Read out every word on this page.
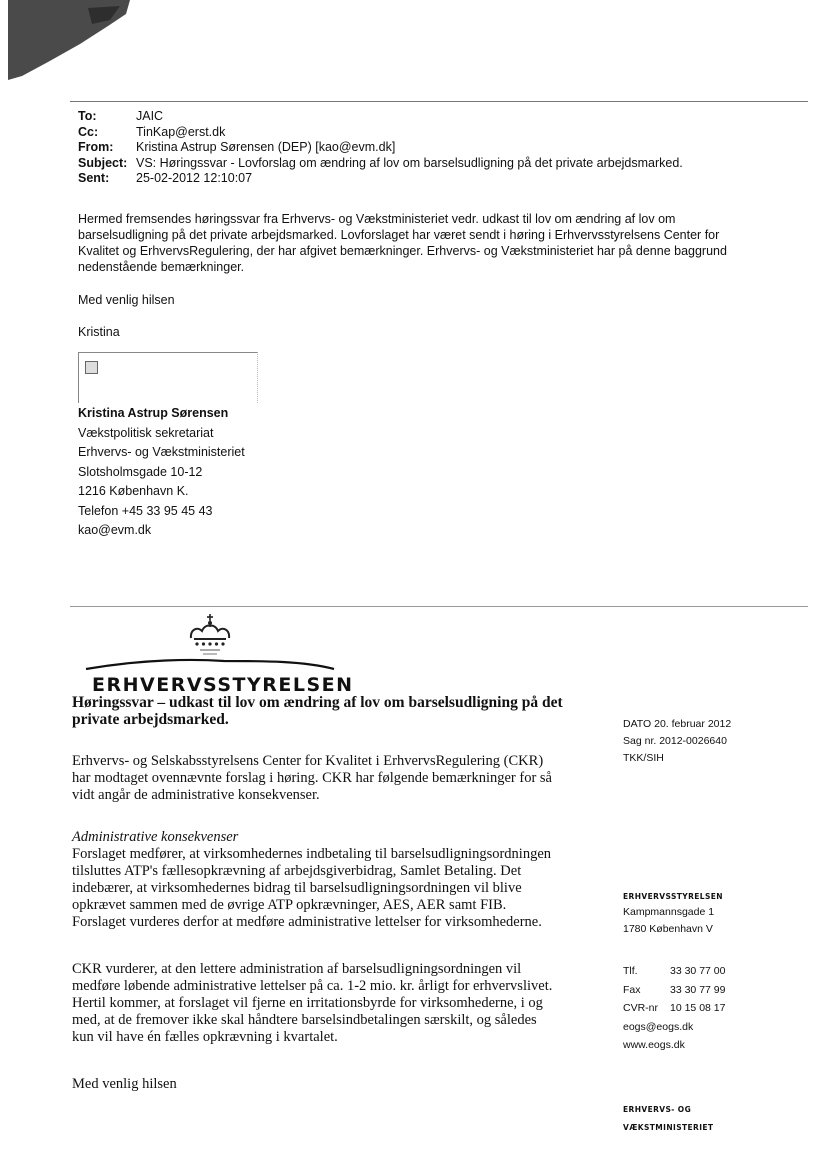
To:	JAIC
Cc:	TinKap@erst.dk
From:	Kristina Astrup Sørensen (DEP) [kao@evm.dk]
Subject: VS: Høringssvar - Lovforslag om ændring af lov om barselsudligning på det private arbejdsmarked.
Sent:	25-02-2012 12:10:07
Hermed fremsendes høringssvar fra Erhvervs- og Vækstministeriet vedr. udkast til lov om ændring af lov om
barselsudligning på det private arbejdsmarked. Lovforslaget har været sendt i høring i Erhvervsstyrelsens Center for
Kvalitet og ErhvervsRegulering, der har afgivet bemærkninger. Erhvervs- og Vækstministeriet har på denne baggrund
nedenstående bemærkninger.
Med venlig hilsen
Kristina
Kristina Astrup Sørensen
Vækstpolitisk sekretariat
Erhvervs- og Vækstministeriet
Slotsholmsgade 10-12
1216 København K.
Telefon +45 33 95 45 43
kao@evm.dk
ERHVERVSSTYRELSEN
Høringssvar – udkast til lov om ændring af lov om barselsudligning på det
private arbejdsmarked.	DATO 20. februar 2012
Sag nr. 2012-0026640
TKK/SIH
Erhvervs- og Selskabsstyrelsens Center for Kvalitet i ErhvervsRegulering (CKR)
har modtaget ovennævnte forslag i høring. CKR har følgende bemærkninger for så
vidt angår de administrative konsekvenser.
Administrative konsekvenser
Forslaget medfører, at virksomhedernes indbetaling til barselsudligningsordningen
tilsluttes ATP's fællesopkrævning af arbejdsgiverbidrag, Samlet Betaling. Det
indebærer, at virksomhedernes bidrag til barselsudligningsordningen vil blive
opkrævet sammen med de øvrige ATP opkrævninger, AES, AER samt FIB.
Forslaget vurderes derfor at medføre administrative lettelser for virksomhederne.
CKR vurderer, at den lettere administration af barselsudligningsordningen vil
medføre løbende administrative lettelser på ca. 1-2 mio. kr. årligt for erhvervslivet.
Hertil kommer, at forslaget vil fjerne en irritationsbyrde for virksomhederne, i og
med, at de fremover ikke skal håndtere barselsindbetalingen særskilt, og således
kun vil have én fælles opkrævning i kvartalet.
Med venlig hilsen
ERHVERVSSTYRELSEN
Kampmannsgade 1
1780 København V
Tlf.	33 30 77 00
Fax	33 30 77 99
CVR-nr	10 15 08 17
eogs@eogs.dk
www.eogs.dk
ERHVERVS- OG
VÆKSTMINISTERIET
